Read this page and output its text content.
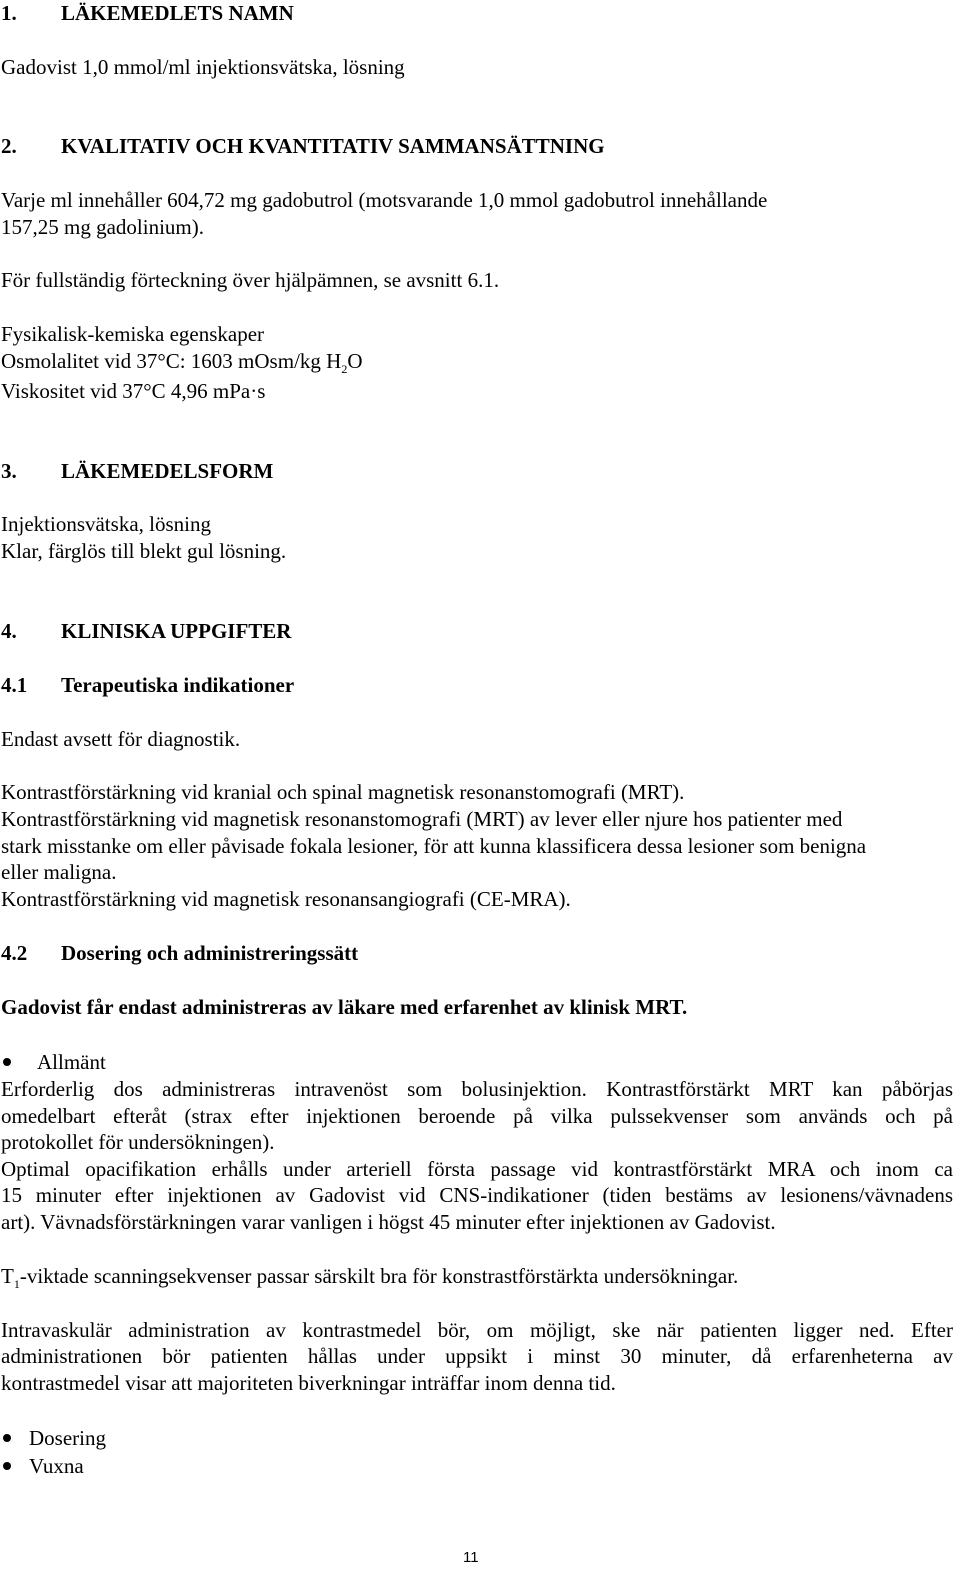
1. LÄKEMEDLETS NAMN
Gadovist 1,0 mmol/ml injektionsvätska, lösning
2. KVALITATIV OCH KVANTITATIV SAMMANSÄTTNING
Varje ml innehåller 604,72 mg gadobutrol (motsvarande 1,0 mmol gadobutrol innehållande
157,25 mg gadolinium).
För fullständig förteckning över hjälpämnen, se avsnitt 6.1.
Fysikalisk-kemiska egenskaper
Osmolalitet vid 37°C: 1603 mOsm/kg $H_2O$
Viskositet vid 37°C 4,96 mPa·s
3. LÄKEMEDELSFORM
Injektionsvätska, lösning
Klar, färglös till blekt gul lösning.
4. KLINISKA UPPGIFTER
4.1 Terapeutiska indikationer
Endast avsett för diagnostik.
Kontrastförstärkning vid kranial och spinal magnetisk resonanstomografi (MRT).
Kontrastförstärkning vid magnetisk resonanstomografi (MRT) av lever eller njure hos patienter med
stark misstanke om eller påvisade fokala lesioner, för att kunna klassificera dessa lesioner som benigna
eller maligna.
Kontrastförstärkning vid magnetisk resonansangiografi (CE-MRA).
4.2 Dosering och administreringssätt
Gadovist får endast administreras av läkare med erfarenhet av klinisk MRT.
Allmänt
Erforderlig dos administreras intravenöst som bolusinjektion. Kontrastförstärkt MRT kan påbörjas
omedelbart efteråt (strax efter injektionen beroende på vilka pulssekvenser som används och på
protokollet för undersökningen).
Optimal opacifikation erhålls under arteriell första passage vid kontrastförstärkt MRA och inom ca
15 minuter efter injektionen av Gadovist vid CNS-indikationer (tiden bestäms av lesionens/vävnadens
art). Vävnadsförstärkningen varar vanligen i högst 45 minuter efter injektionen av Gadovist.
$T_1$-viktade scanningsekvenser passar särskilt bra för konstrastförstärkta undersökningar.
Intravaskulär administration av kontrastmedel bör, om möjligt, ske när patienten ligger ned. Efter
administrationen bör patienten hållas under uppsikt i minst 30 minuter, då erfarenheterna av
kontrastmedel visar att majoriteten biverkningar inträffar inom denna tid.
Dosering
Vuxna
11
